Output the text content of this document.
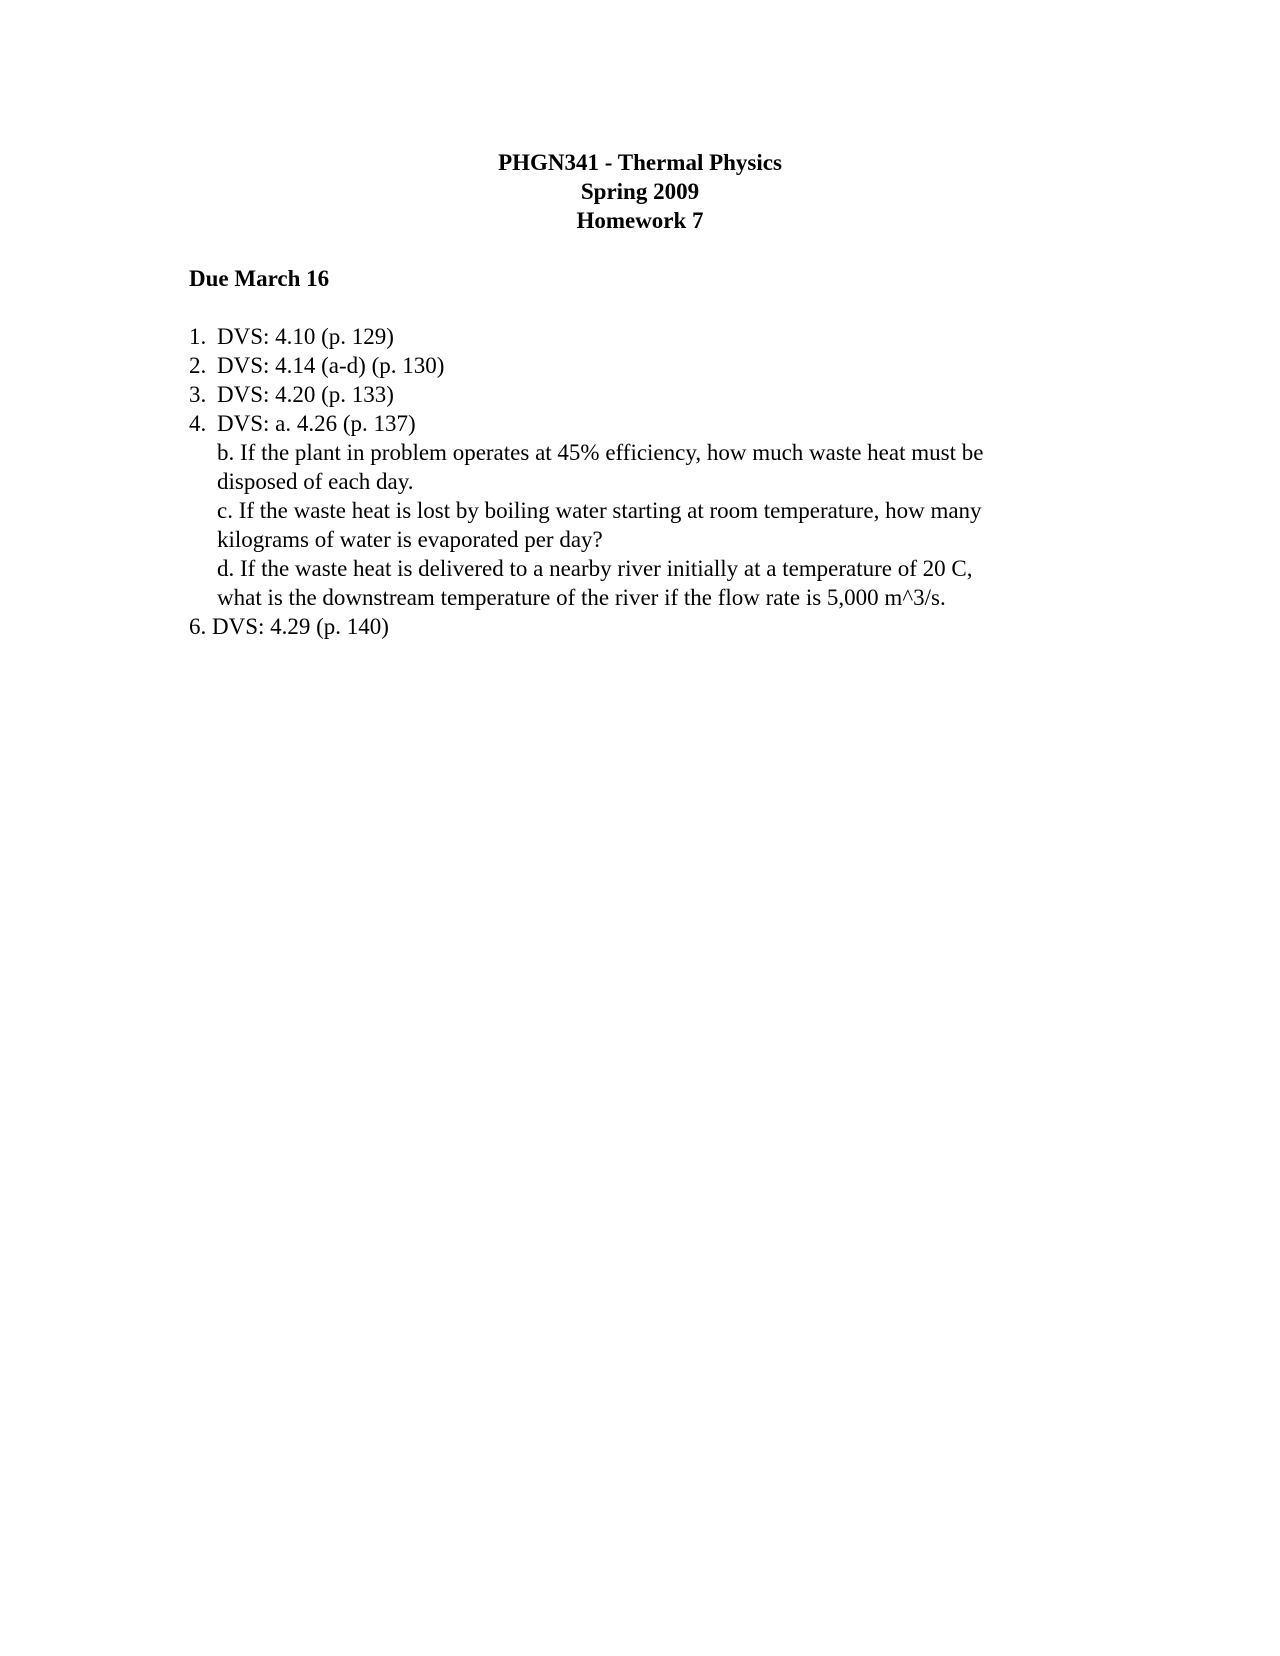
PHGN341 - Thermal Physics
Spring 2009
Homework 7
Due March 16
1. DVS: 4.10 (p. 129)
2. DVS: 4.14 (a-d) (p. 130)
3. DVS: 4.20 (p. 133)
4. DVS: a. 4.26 (p. 137)
b. If the plant in problem operates at 45% efficiency, how much waste heat must be
disposed of each day.
c. If the waste heat is lost by boiling water starting at room temperature, how many
kilograms of water is evaporated per day?
d. If the waste heat is delivered to a nearby river initially at a temperature of 20 C,
what is the downstream temperature of the river if the flow rate is 5,000 m^3/s.
6. DVS: 4.29 (p. 140)
